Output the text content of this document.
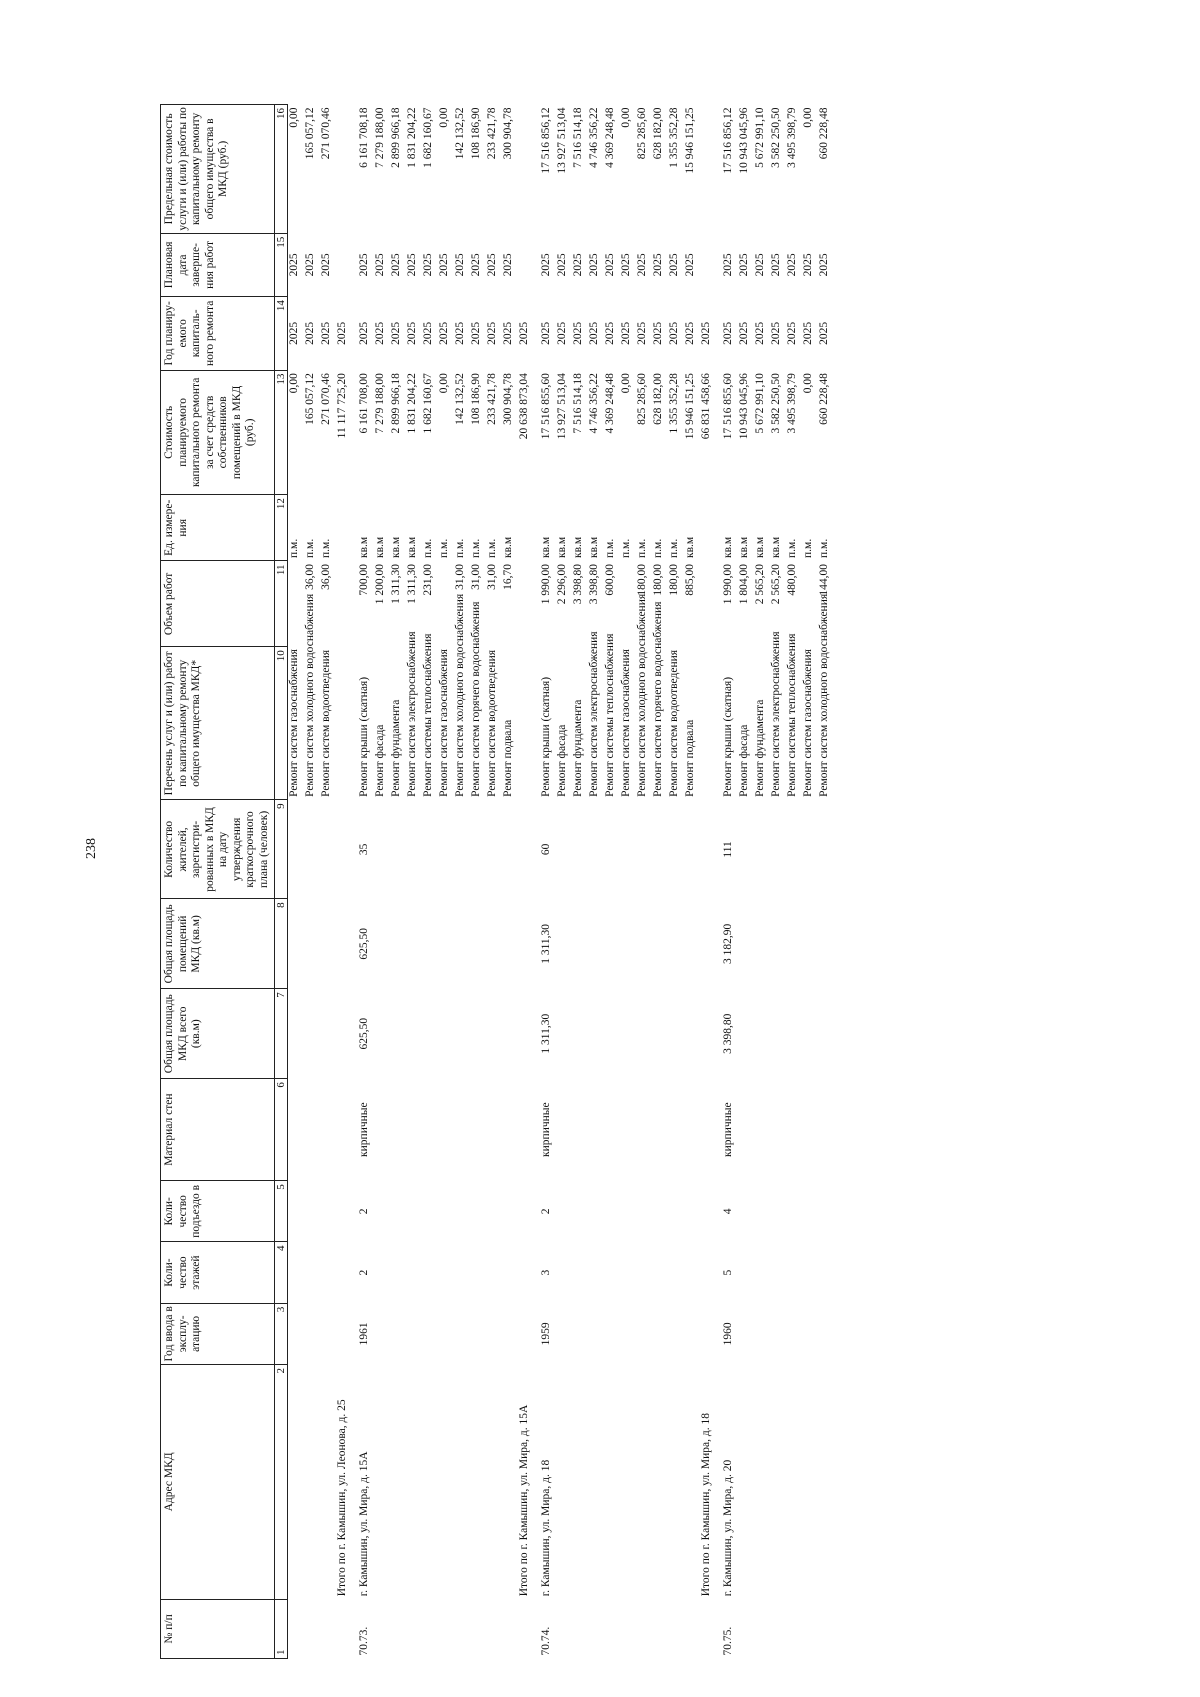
238
№ п/п	Адрес МКД	Год ввода в эксплу-атацию	Коли-чество этажей	Коли-чество подъездо в	Материал стен	Общая площадь МКД всего (кв.м)	Общая площадь помещений МКД (кв.м)	Количество жителей, зарегистри-рованных в МКД на дату утверждения краткосрочного плана (человек)	Перечень услуг и (или) работ по капитальному ремонту общего имущества МКД*	Объем работ	Ед. измере-ния	Стоимость планируемого капитального ремонта за счет средств собственников помещений в МКД (руб.)	Год планиру-емого капиталь-ного ремонта	Плановая дата заверше-ния работ	Предельная стоимость услуги и (или) работы по капитальному ремонту общего имущества в МКД (руб.)
1	2	3	4	5	6	7	8	9	10	11	12	13	14	15	16
									Ремонт систем газоснабжения		п.м.	0,00	2025	2025	0,00
									Ремонт систем холодного водоснабжения	36,00	п.м.	165 057,12	2025	2025	165 057,12
									Ремонт систем водоотведения	36,00	п.м.	271 070,46	2025	2025	271 070,46
	Итого по г. Камышин, ул. Леонова, д. 25											11 117 725,20	2025		
70.73.	г. Камышин, ул. Мира, д. 15А	1961	2	2	кирпичные	625,50	625,50	35	Ремонт крыши (скатная)	700,00	кв.м	6 161 708,00	2025	2025	6 161 708,18
									Ремонт фасада	1 200,00	кв.м	7 279 188,00	2025	2025	7 279 188,00
									Ремонт фундамента	1 311,30	кв.м	2 899 966,18	2025	2025	2 899 966,18
									Ремонт систем электроснабжения	1 311,30	кв.м	1 831 204,22	2025	2025	1 831 204,22
									Ремонт системы теплоснабжения	231,00	п.м.	1 682 160,67	2025	2025	1 682 160,67
									Ремонт систем газоснабжения		п.м.	0,00	2025	2025	0,00
									Ремонт систем холодного водоснабжения	31,00	п.м.	142 132,52	2025	2025	142 132,52
									Ремонт систем горячего водоснабжения	31,00	п.м.	108 186,90	2025	2025	108 186,90
									Ремонт систем водоотведения	31,00	п.м.	233 421,78	2025	2025	233 421,78
									Ремонт подвала	16,70	кв.м	300 904,78	2025	2025	300 904,78
	Итого по г. Камышин, ул. Мира, д. 15А											20 638 873,04	2025		
70.74.	г. Камышин, ул. Мира, д. 18	1959	3	2	кирпичные	1 311,30	1 311,30	60	Ремонт крыши (скатная)	1 990,00	кв.м	17 516 855,60	2025	2025	17 516 856,12
									Ремонт фасада	2 296,00	кв.м	13 927 513,04	2025	2025	13 927 513,04
									Ремонт фундамента	3 398,80	кв.м	7 516 514,18	2025	2025	7 516 514,18
									Ремонт систем электроснабжения	3 398,80	кв.м	4 746 356,22	2025	2025	4 746 356,22
									Ремонт системы теплоснабжения	600,00	п.м.	4 369 248,48	2025	2025	4 369 248,48
									Ремонт систем газоснабжения		п.м.	0,00	2025	2025	0,00
									Ремонт систем холодного водоснабжения	180,00	п.м.	825 285,60	2025	2025	825 285,60
									Ремонт систем горячего водоснабжения	180,00	п.м.	628 182,00	2025	2025	628 182,00
									Ремонт систем водоотведения	180,00	п.м.	1 355 352,28	2025	2025	1 355 352,28
									Ремонт подвала	885,00	кв.м	15 946 151,25	2025	2025	15 946 151,25
	Итого по г. Камышин, ул. Мира, д. 18											66 831 458,66	2025		
70.75.	г. Камышин, ул. Мира, д. 20	1960	5	4	кирпичные	3 398,80	3 182,90	111	Ремонт крыши (скатная)	1 990,00	кв.м	17 516 855,60	2025	2025	17 516 856,12
									Ремонт фасада	1 804,00	кв.м	10 943 045,96	2025	2025	10 943 045,96
									Ремонт фундамента	2 565,20	кв.м	5 672 991,10	2025	2025	5 672 991,10
									Ремонт систем электроснабжения	2 565,20	кв.м	3 582 250,50	2025	2025	3 582 250,50
									Ремонт системы теплоснабжения	480,00	п.м.	3 495 398,79	2025	2025	3 495 398,79
									Ремонт систем газоснабжения		п.м.	0,00	2025	2025	0,00
									Ремонт систем холодного водоснабжения	144,00	п.м.	660 228,48	2025	2025	660 228,48
